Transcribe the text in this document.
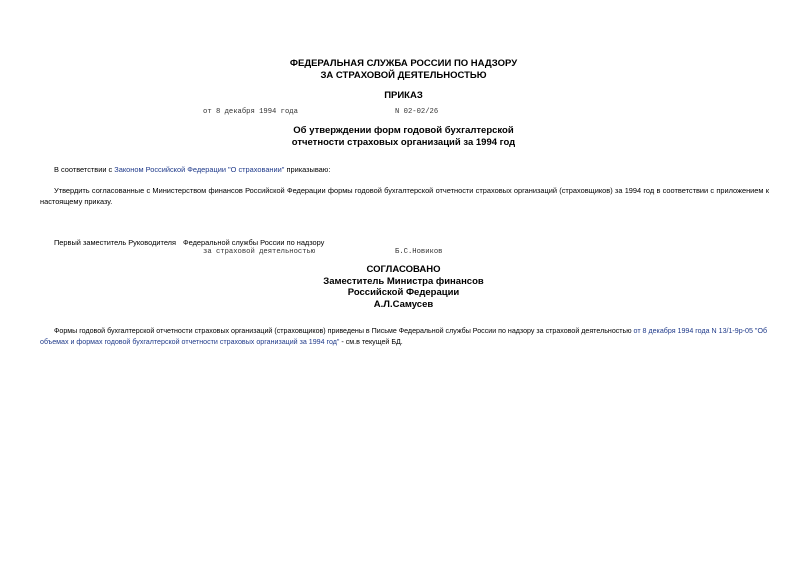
ФЕДЕРАЛЬНАЯ СЛУЖБА РОССИИ ПО НАДЗОРУ
ЗА СТРАХОВОЙ ДЕЯТЕЛЬНОСТЬЮ
ПРИКАЗ
от 8 декабря 1994 года	N 02-02/26
Об утверждении форм годовой бухгалтерской
отчетности страховых организаций за 1994 год
В соответствии с Законом Российской Федерации "О страховании" приказываю:
Утвердить согласованные с Министерством финансов Российской Федерации формы годовой бухгалтерской отчетности страховых организаций (страховщиков) за 1994 год в соответствии с приложением к настоящему приказу.
Первый заместитель Руководителя Федеральной службы России по надзору
за страховой деятельностью	Б.С.Новиков
СОГЛАСОВАНО
Заместитель Министра финансов
Российской Федерации
А.Л.Самусев
Формы годовой бухгалтерской отчетности страховых организаций (страховщиков) приведены в Письме Федеральной службы России по надзору за страховой деятельностью от 8 декабря 1994 года N 13/1-9р-05 "Об объемах и формах годовой бухгалтерской отчетности страховых организаций за 1994 год" - см.в текущей БД.
